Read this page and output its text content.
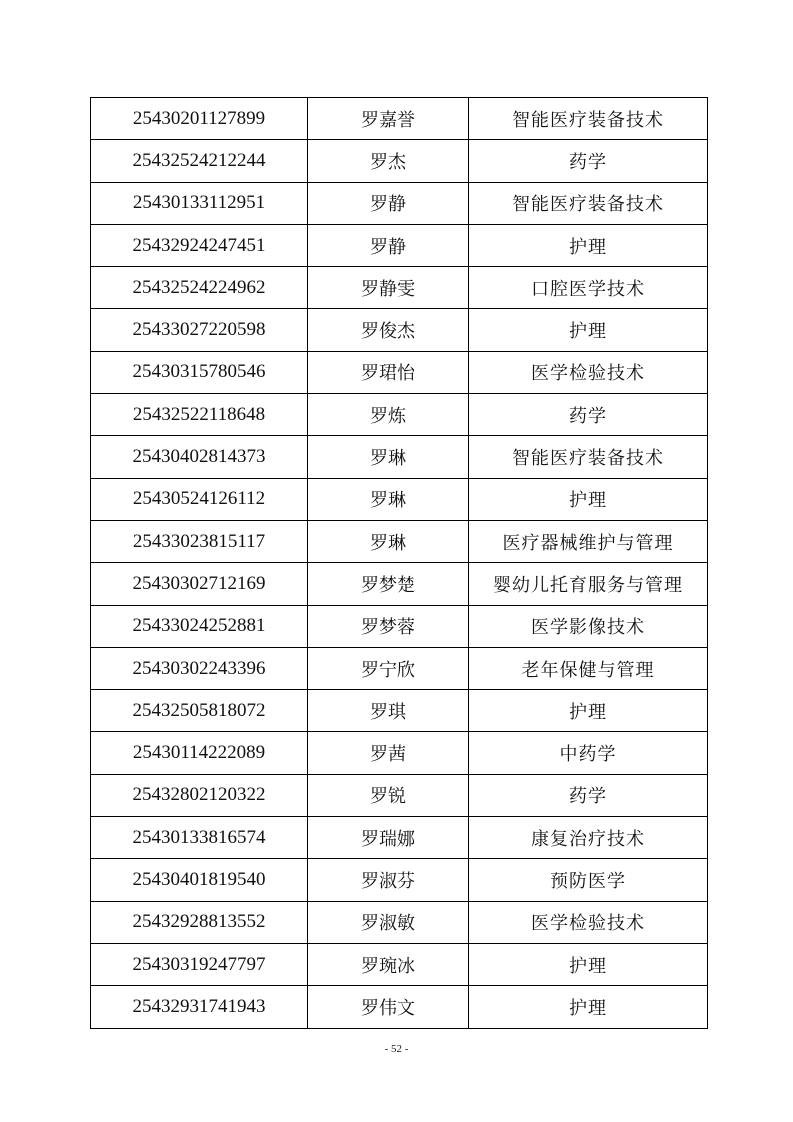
25430201127899	罗嘉誉	智能医疗装备技术
25432524212244	罗杰	药学
25430133112951	罗静	智能医疗装备技术
25432924247451	罗静	护理
25432524224962	罗静雯	口腔医学技术
25433027220598	罗俊杰	护理
25430315780546	罗珺怡	医学检验技术
25432522118648	罗炼	药学
25430402814373	罗琳	智能医疗装备技术
25430524126112	罗琳	护理
25433023815117	罗琳	医疗器械维护与管理
25430302712169	罗梦楚	婴幼儿托育服务与管理
25433024252881	罗梦蓉	医学影像技术
25430302243396	罗宁欣	老年保健与管理
25432505818072	罗琪	护理
25430114222089	罗茜	中药学
25432802120322	罗锐	药学
25430133816574	罗瑞娜	康复治疗技术
25430401819540	罗淑芬	预防医学
25432928813552	罗淑敏	医学检验技术
25430319247797	罗琬冰	护理
25432931741943	罗伟文	护理
- 52 -
